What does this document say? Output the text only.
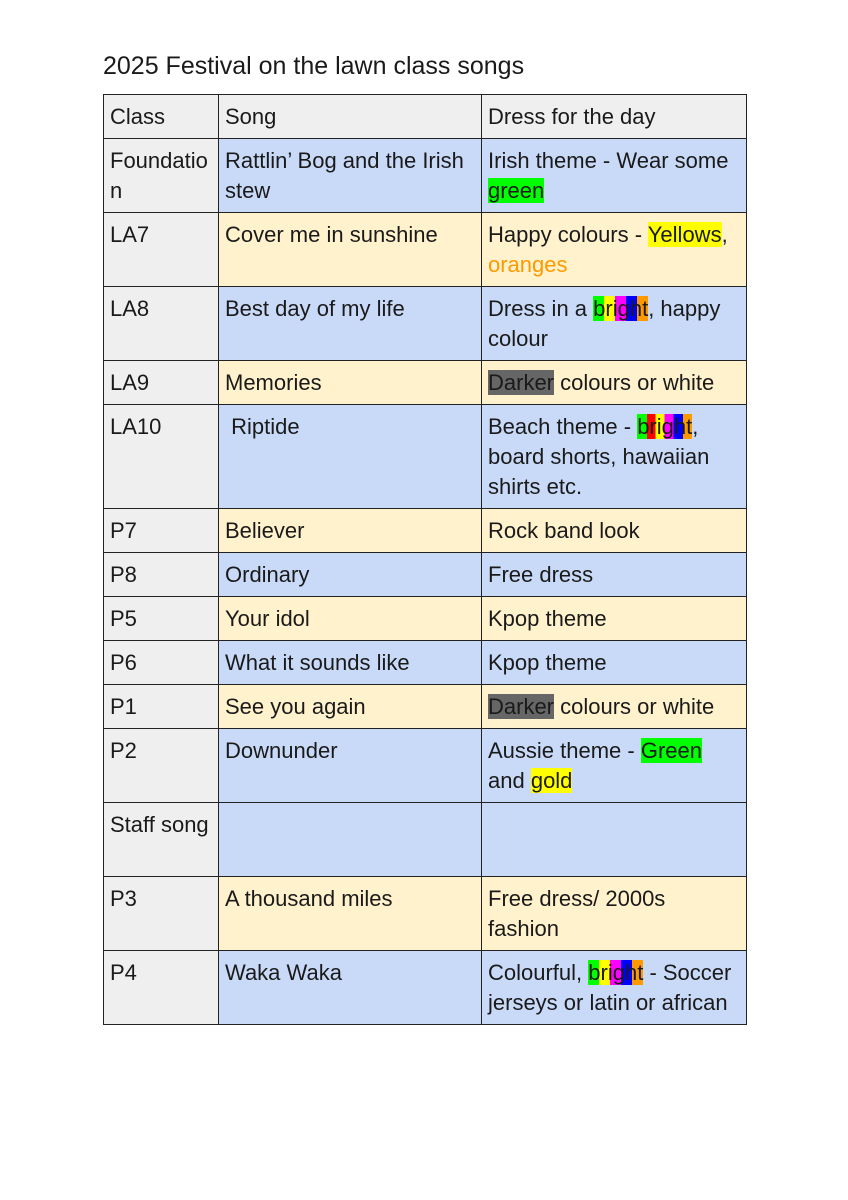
2025 Festival on the lawn class songs
Class	Song	Dress for the day
Foundation	Rattlin’ Bog and the Irish stew	Irish theme - Wear some green
LA7	Cover me in sunshine	Happy colours - Yellows, oranges
LA8	Best day of my life	Dress in a bright, happy colour
LA9	Memories	Darker colours or white
LA10	Riptide	Beach theme - bright, board shorts, hawaiian shirts etc.
P7	Believer	Rock band look
P8	Ordinary	Free dress
P5	Your idol	Kpop theme
P6	What it sounds like	Kpop theme
P1	See you again	Darker colours or white
P2	Downunder	Aussie theme - Green and gold
Staff song		
P3	A thousand miles	Free dress/ 2000s fashion
P4	Waka Waka	Colourful, bright - Soccer jerseys or latin or african
